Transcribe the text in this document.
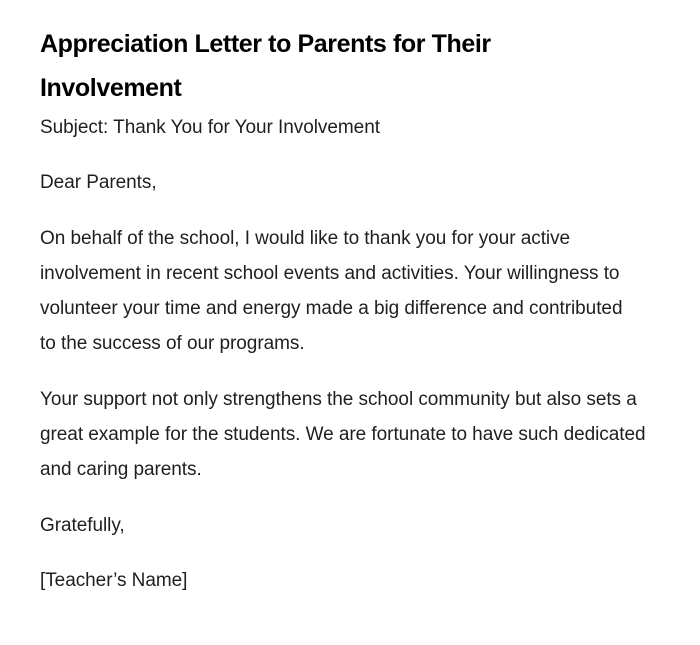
Appreciation Letter to Parents for Their Involvement

Subject: Thank You for Your Involvement

Dear Parents,

On behalf of the school, I would like to thank you for your active involvement in recent school events and activities. Your willingness to volunteer your time and energy made a big difference and contributed to the success of our programs.

Your support not only strengthens the school community but also sets a great example for the students. We are fortunate to have such dedicated and caring parents.

Gratefully,

[Teacher’s Name]
